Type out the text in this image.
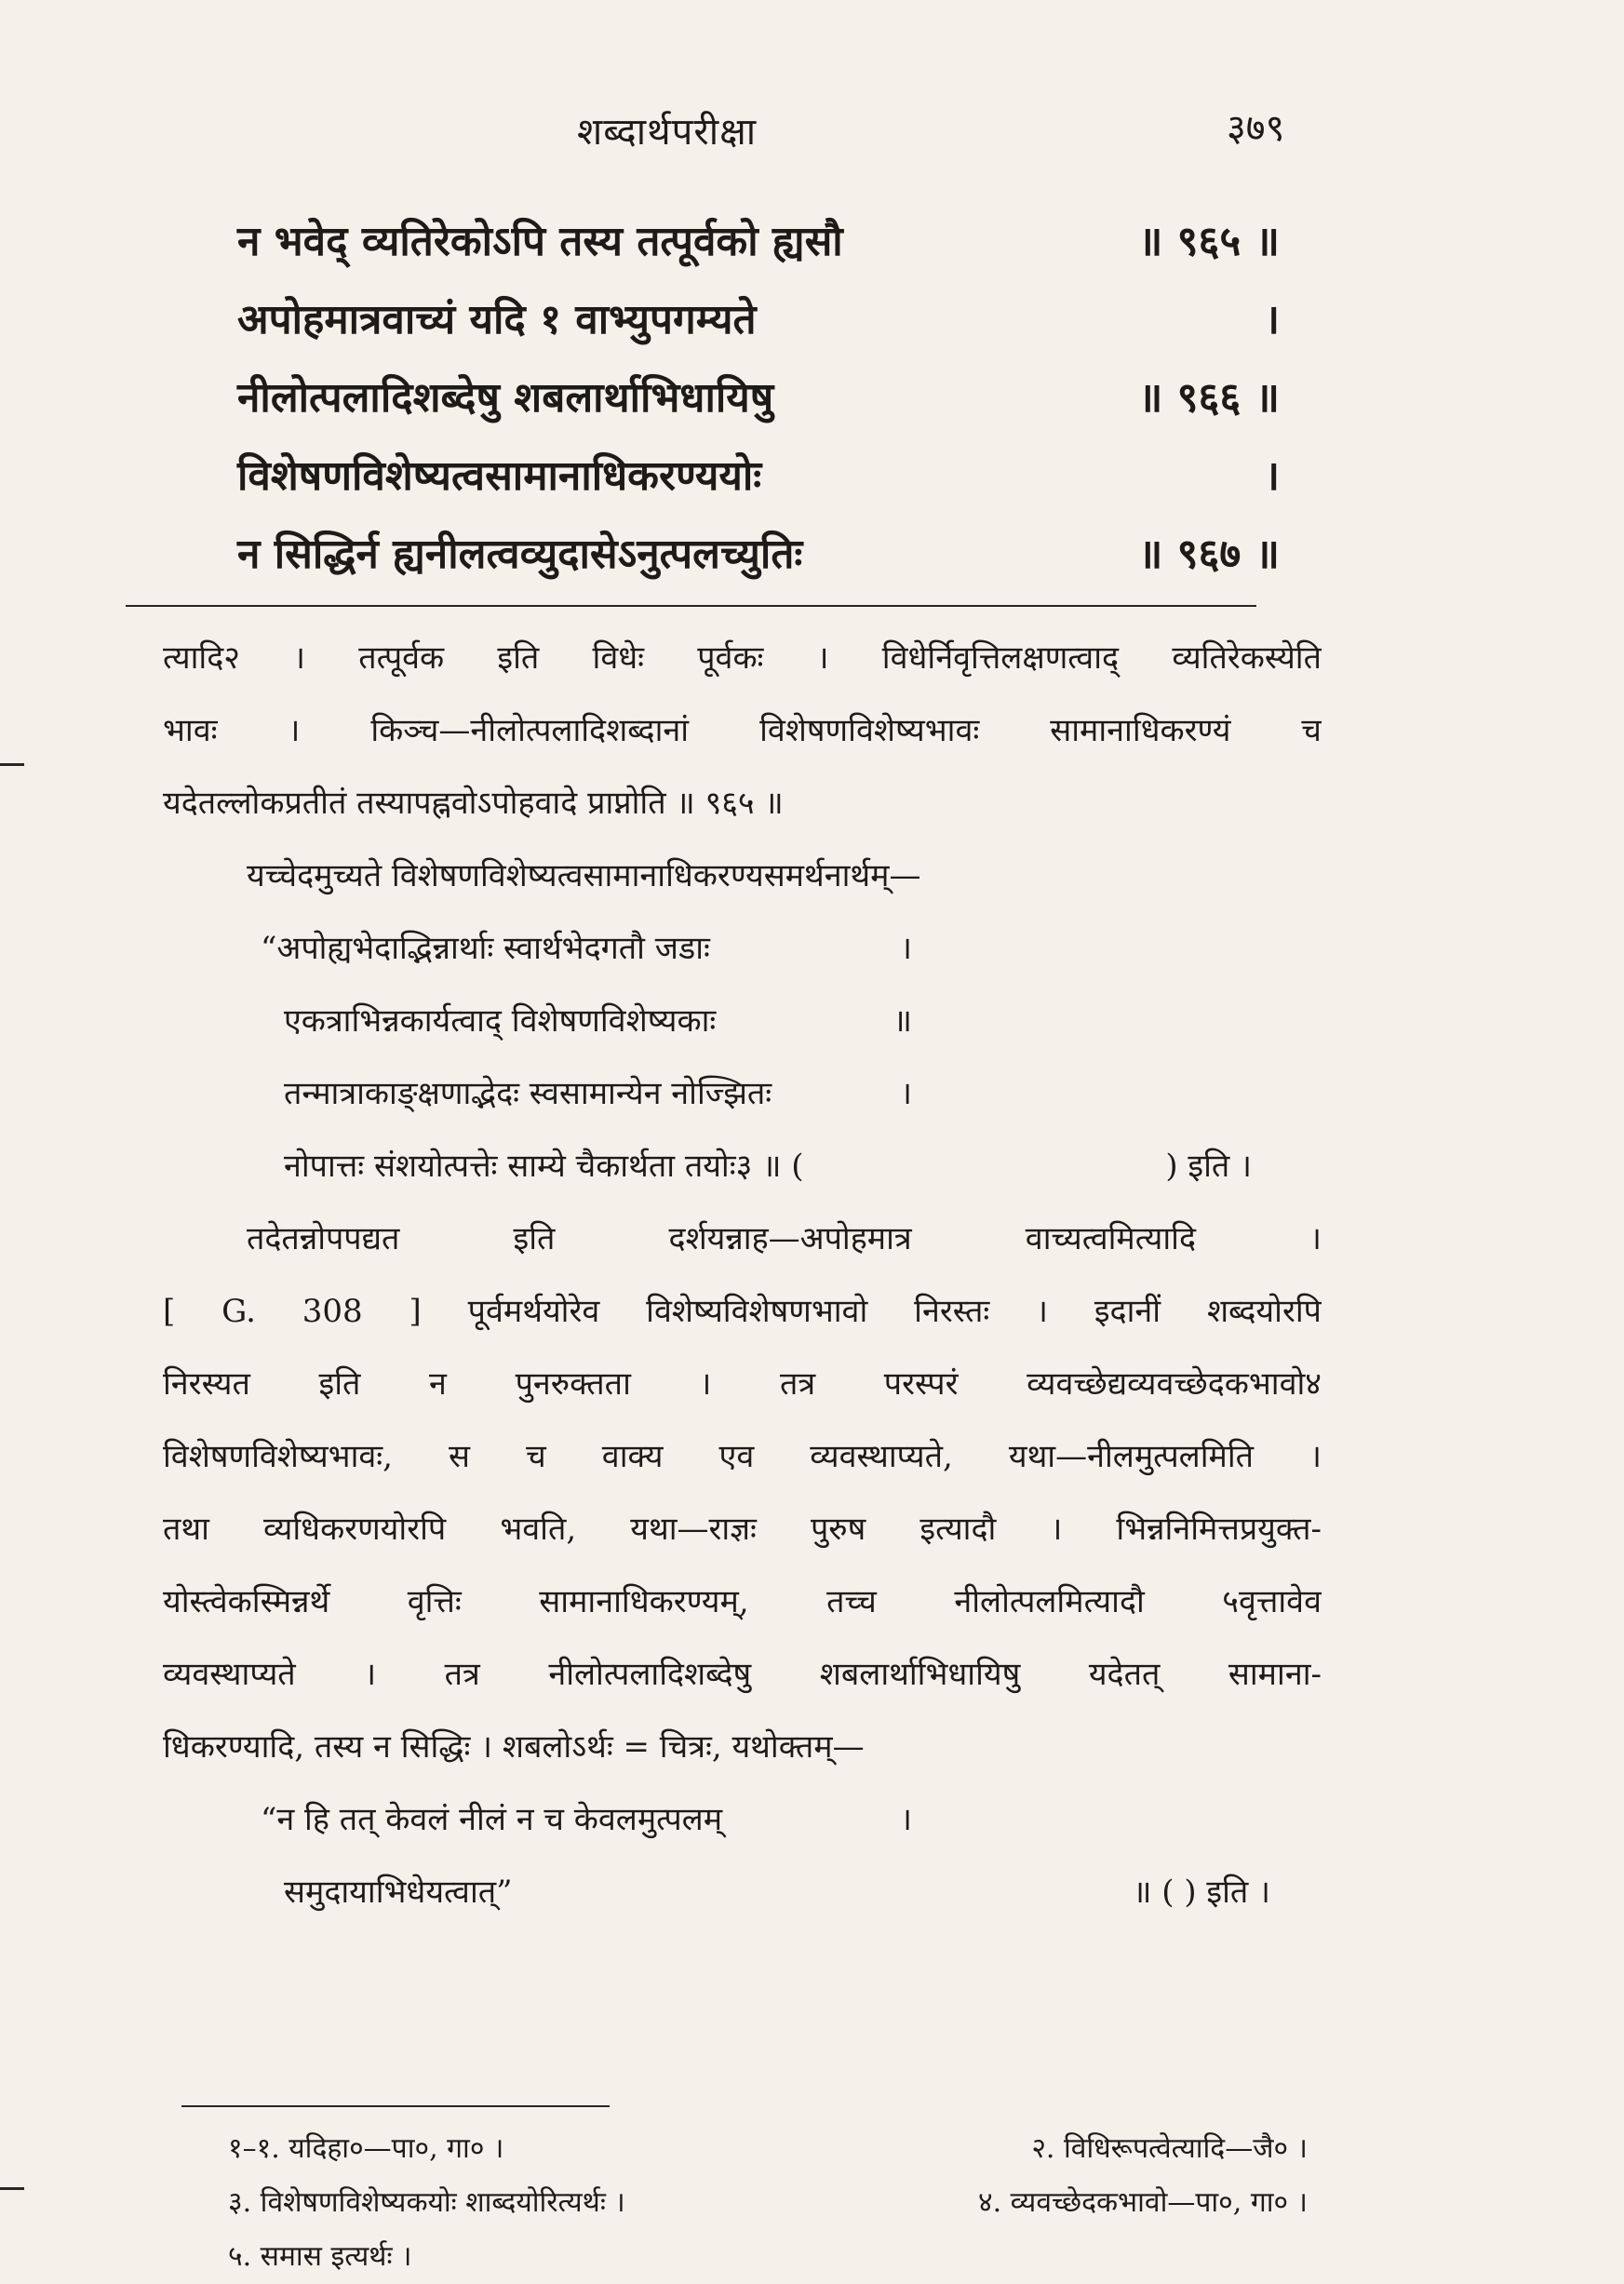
शब्दार्थपरीक्षा	३७९
न भवेद् व्यतिरेकोऽपि तस्य तत्पूर्वको ह्यसौ	॥ ९६५ ॥
अपोहमात्रवाच्यं यदि १ वाभ्युपगम्यते	।
नीलोत्पलादिशब्देषु शबलार्थाभिधायिषु	॥ ९६६ ॥
विशेषणविशेष्यत्वसामानाधिकरण्ययोः	।
न सिद्धिर्न ह्यनीलत्वव्युदासेऽनुत्पलच्युतिः	॥ ९६७ ॥
त्यादि२ । तत्पूर्वक इति विधेः पूर्वकः । विधेर्निवृत्तिलक्षणत्वाद् व्यतिरेकस्येति
भावः । किञ्च—नीलोत्पलादिशब्दानां विशेषणविशेष्यभावः सामानाधिकरण्यं च
यदेतल्लोकप्रतीतं तस्यापह्नवोऽपोहवादे प्राप्नोति ॥ ९६५ ॥
यच्चेदमुच्यते विशेषणविशेष्यत्वसामानाधिकरण्यसमर्थनार्थम्—
“अपोह्यभेदाद्भिन्नार्थाः स्वार्थभेदगतौ जडाः	।
एकत्राभिन्नकार्यत्वाद् विशेषणविशेष्यकाः	॥
तन्मात्राकाङ्क्षणाद्भेदः स्वसामान्येन नोज्झितः	।
नोपात्तः संशयोत्पत्तेः साम्ये चैकार्थता तयोः३ ॥ (	) इति ।
तदेतन्नोपपद्यत इति दर्शयन्नाह—अपोहमात्र वाच्यत्वमित्यादि ।
[ G. 308 ] पूर्वमर्थयोरेव विशेष्यविशेषणभावो निरस्तः । इदानीं शब्दयोरपि
निरस्यत इति न पुनरुक्तता । तत्र परस्परं व्यवच्छेद्यव्यवच्छेदकभावो४
विशेषणविशेष्यभावः, स च वाक्य एव व्यवस्थाप्यते, यथा—नीलमुत्पलमिति ।
तथा व्यधिकरणयोरपि भवति, यथा—राज्ञः पुरुष इत्यादौ । भिन्ननिमित्तप्रयुक्त-
योस्त्वेकस्मिन्नर्थे वृत्तिः सामानाधिकरण्यम्, तच्च नीलोत्पलमित्यादौ ५वृत्तावेव
व्यवस्थाप्यते । तत्र नीलोत्पलादिशब्देषु शबलार्थाभिधायिषु यदेतत् सामाना-
धिकरण्यादि, तस्य न सिद्धिः । शबलोऽर्थः = चित्रः, यथोक्तम्—
“न हि तत् केवलं नीलं न च केवलमुत्पलम्	।
समुदायाभिधेयत्वात्”	॥ ( ) इति ।
१–१. यदिहा०—पा०, गा० ।	२. विधिरूपत्वेत्यादि—जै० ।
३. विशेषणविशेष्यकयोः शाब्दयोरित्यर्थः ।	४. व्यवच्छेदकभावो—पा०, गा० ।
५. समास इत्यर्थः ।
